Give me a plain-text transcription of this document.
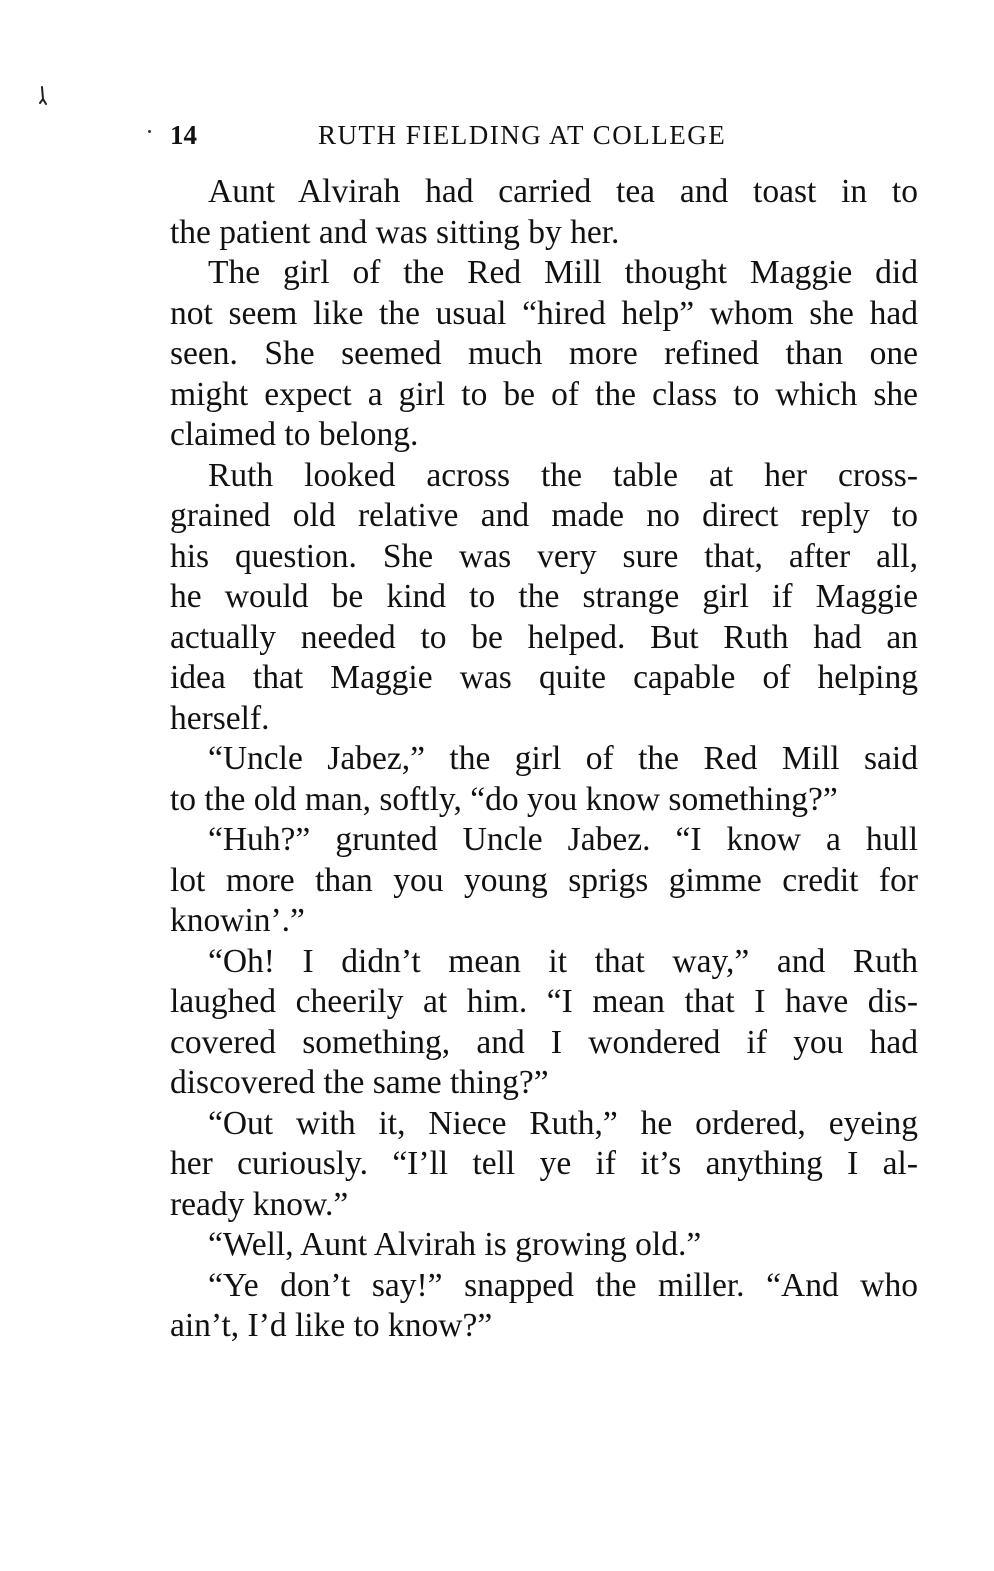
14	RUTH FIELDING AT COLLEGE
Aunt Alvirah had carried tea and toast in to
the patient and was sitting by her.
The girl of the Red Mill thought Maggie did
not seem like the usual “hired help” whom she had
seen. She seemed much more refined than one
might expect a girl to be of the class to which she
claimed to belong.
Ruth looked across the table at her cross-
grained old relative and made no direct reply to
his question. She was very sure that, after all,
he would be kind to the strange girl if Maggie
actually needed to be helped. But Ruth had an
idea that Maggie was quite capable of helping
herself.
“Uncle Jabez,” the girl of the Red Mill said
to the old man, softly, “do you know something?”
“Huh?” grunted Uncle Jabez. “I know a hull
lot more than you young sprigs gimme credit for
knowin’.”
“Oh! I didn’t mean it that way,” and Ruth
laughed cheerily at him. “I mean that I have dis-
covered something, and I wondered if you had
discovered the same thing?”
“Out with it, Niece Ruth,” he ordered, eyeing
her curiously. “I’ll tell ye if it’s anything I al-
ready know.”
“Well, Aunt Alvirah is growing old.”
“Ye don’t say!” snapped the miller. “And who
ain’t, I’d like to know?”
